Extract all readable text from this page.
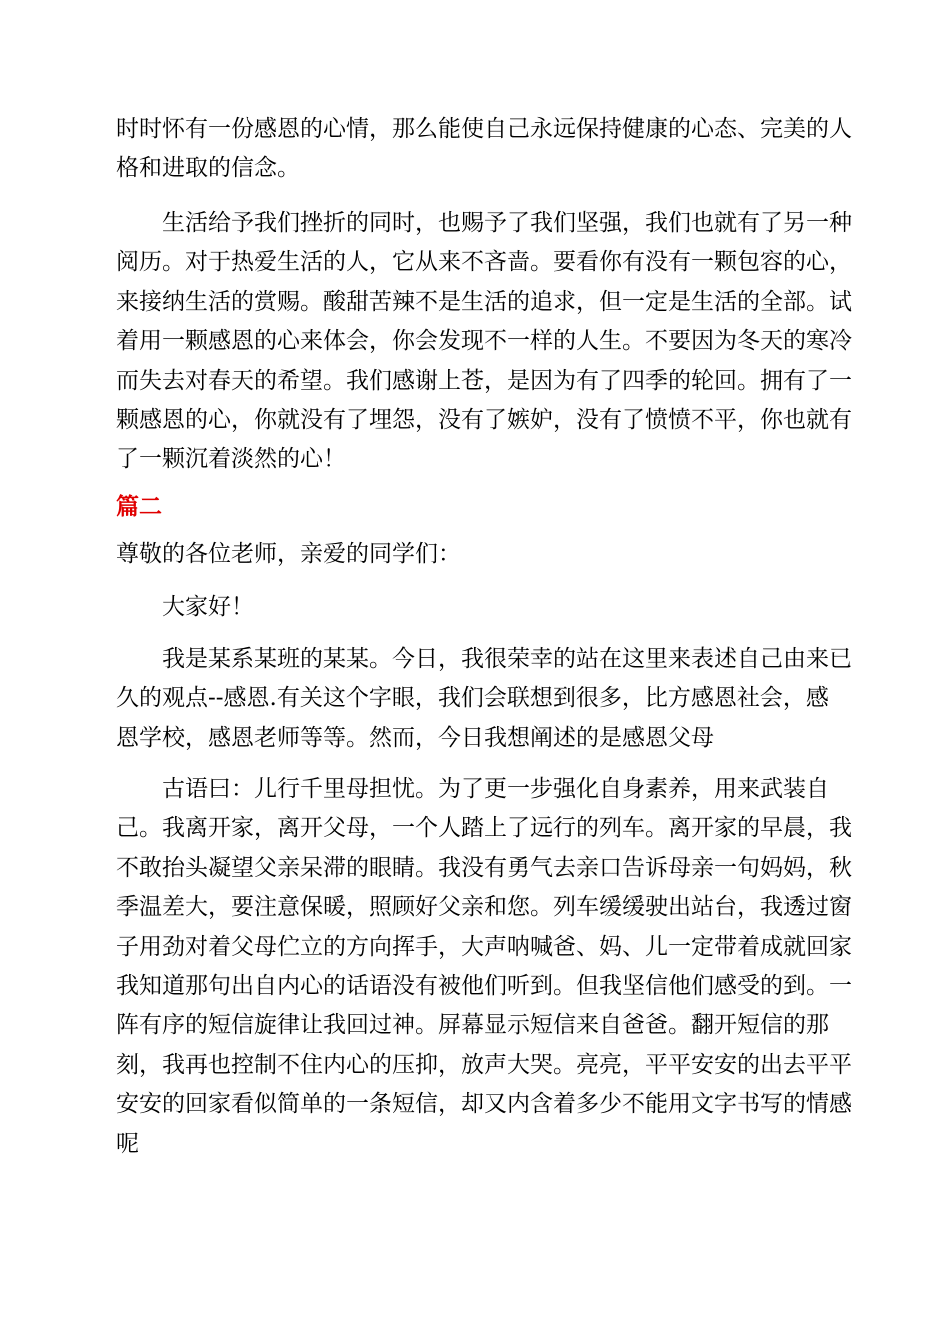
时时怀有一份感恩的心情，那么能使自己永远保持健康的心态、完美的人
格和进取的信念。
生活给予我们挫折的同时，也赐予了我们坚强，我们也就有了另一种
阅历。对于热爱生活的人，它从来不吝啬。要看你有没有一颗包容的心，
来接纳生活的赏赐。酸甜苦辣不是生活的追求，但一定是生活的全部。试
着用一颗感恩的心来体会，你会发现不一样的人生。不要因为冬天的寒冷
而失去对春天的希望。我们感谢上苍，是因为有了四季的轮回。拥有了一
颗感恩的心，你就没有了埋怨，没有了嫉妒，没有了愤愤不平，你也就有
了一颗沉着淡然的心！
篇二
尊敬的各位老师，亲爱的同学们：
大家好！
我是某系某班的某某。今日，我很荣幸的站在这里来表述自己由来已
久的观点--感恩.有关这个字眼，我们会联想到很多，比方感恩社会，感
恩学校，感恩老师等等。然而，今日我想阐述的是感恩父母
古语曰：儿行千里母担忧。为了更一步强化自身素养，用来武装自
己。我离开家，离开父母，一个人踏上了远行的列车。离开家的早晨，我
不敢抬头凝望父亲呆滞的眼睛。我没有勇气去亲口告诉母亲一句妈妈，秋
季温差大，要注意保暖，照顾好父亲和您。列车缓缓驶出站台，我透过窗
子用劲对着父母伫立的方向挥手，大声呐喊爸、妈、儿一定带着成就回家
我知道那句出自内心的话语没有被他们听到。但我坚信他们感受的到。一
阵有序的短信旋律让我回过神。屏幕显示短信来自爸爸。翻开短信的那
刻，我再也控制不住内心的压抑，放声大哭。亮亮，平平安安的出去平平
安安的回家看似简单的一条短信，却又内含着多少不能用文字书写的情感
呢
